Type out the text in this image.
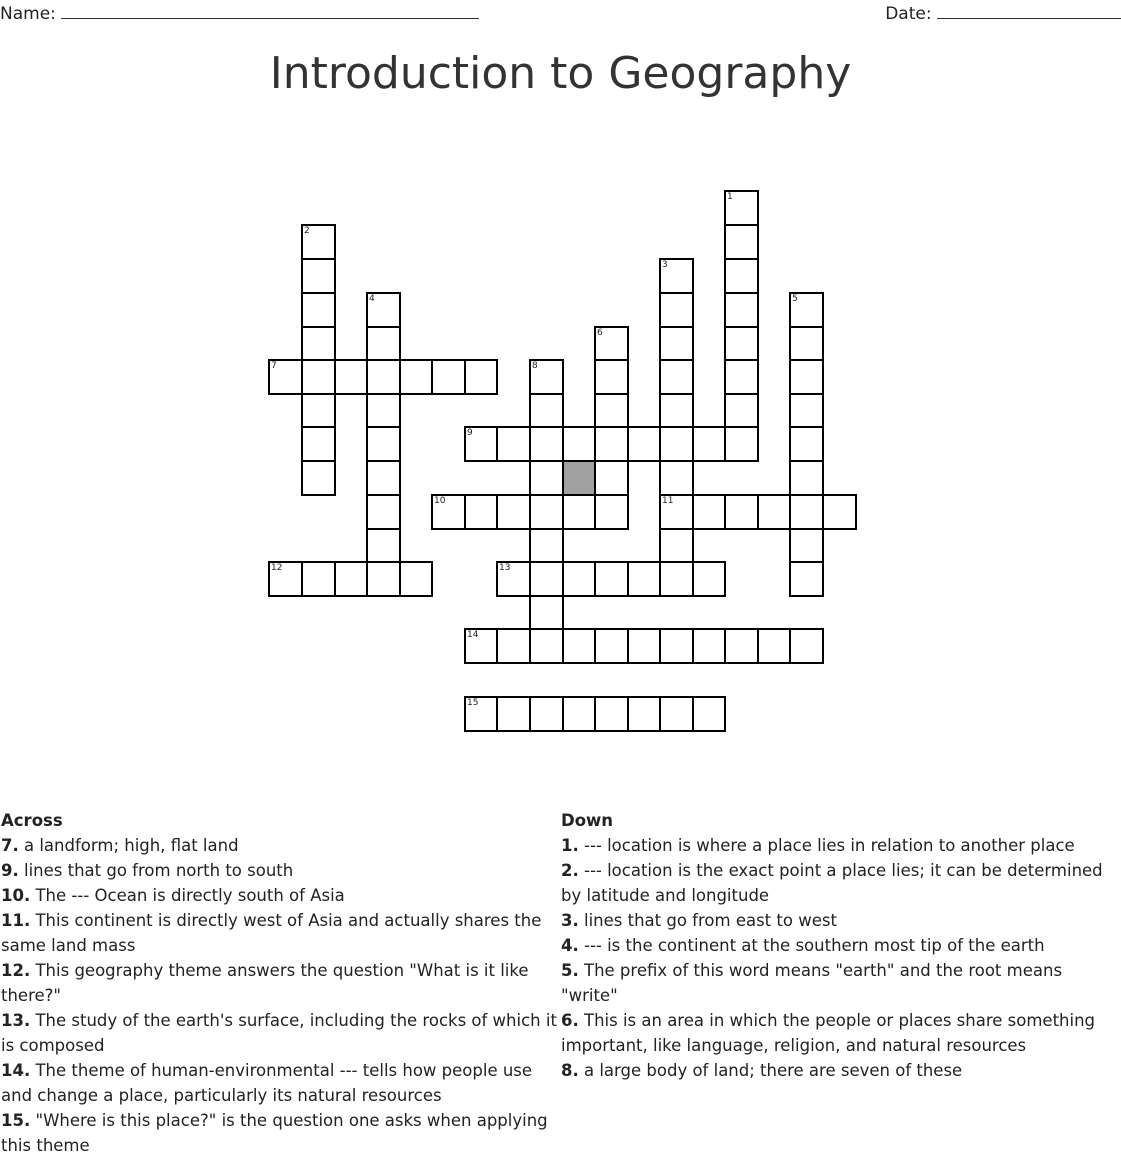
Name:	Date:
Introduction to Geography
1
2
3
11
4	5
6
8
7
9
10
12	13
14
15
Across
7. a landform; high, flat land
9. lines that go from north to south
10. The --- Ocean is directly south of Asia
11. This continent is directly west of Asia and actually shares the same land mass
12. This geography theme answers the question "What is it like there?"
13. The study of the earth's surface, including the rocks of which it is composed
14. The theme of human-environmental --- tells how people use and change a place, particularly its natural resources
15. "Where is this place?" is the question one asks when applying this theme
Down
1. --- location is where a place lies in relation to another place
2. --- location is the exact point a place lies; it can be determined by latitude and longitude
3. lines that go from east to west
4. --- is the continent at the southern most tip of the earth
5. The prefix of this word means "earth" and the root means "write"
6. This is an area in which the people or places share something important, like language, religion, and natural resources
8. a large body of land; there are seven of these
